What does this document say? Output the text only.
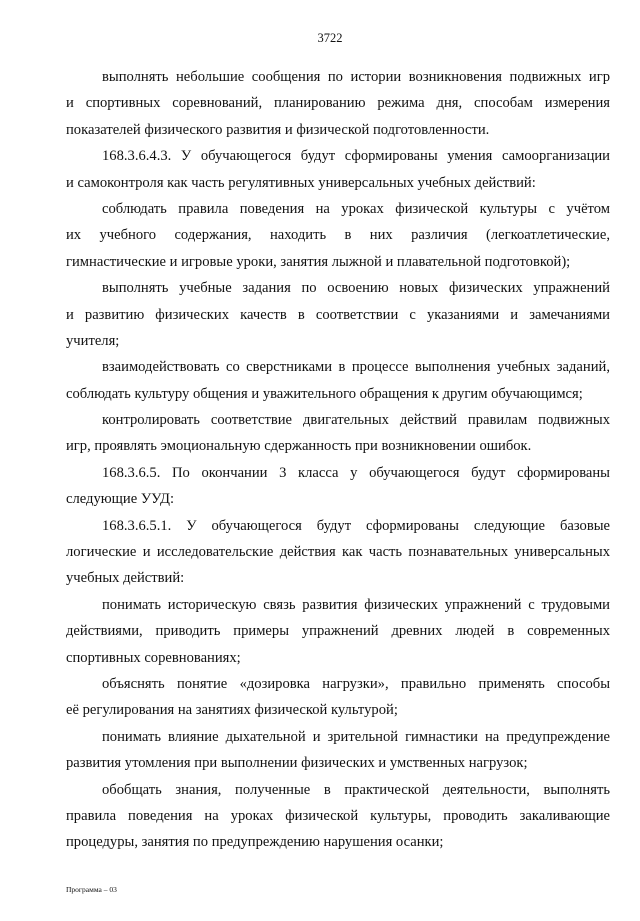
3722
выполнять небольшие сообщения по истории возникновения подвижных игр
и спортивных соревнований, планированию режима дня, способам измерения
показателей физического развития и физической подготовленности.
168.3.6.4.3. У обучающегося будут сформированы умения самоорганизации
и самоконтроля как часть регулятивных универсальных учебных действий:
соблюдать правила поведения на уроках физической культуры с учётом
их учебного содержания, находить в них различия (легкоатлетические,
гимнастические и игровые уроки, занятия лыжной и плавательной подготовкой);
выполнять учебные задания по освоению новых физических упражнений
и развитию физических качеств в соответствии с указаниями и замечаниями
учителя;
взаимодействовать со сверстниками в процессе выполнения учебных заданий,
соблюдать культуру общения и уважительного обращения к другим обучающимся;
контролировать соответствие двигательных действий правилам подвижных
игр, проявлять эмоциональную сдержанность при возникновении ошибок.
168.3.6.5. По окончании 3 класса у обучающегося будут сформированы
следующие УУД:
168.3.6.5.1. У обучающегося будут сформированы следующие базовые
логические и исследовательские действия как часть познавательных универсальных
учебных действий:
понимать историческую связь развития физических упражнений с трудовыми
действиями, приводить примеры упражнений древних людей в современных
спортивных соревнованиях;
объяснять понятие «дозировка нагрузки», правильно применять способы
её регулирования на занятиях физической культурой;
понимать влияние дыхательной и зрительной гимнастики на предупреждение
развития утомления при выполнении физических и умственных нагрузок;
обобщать знания, полученные в практической деятельности, выполнять
правила поведения на уроках физической культуры, проводить закаливающие
процедуры, занятия по предупреждению нарушения осанки;
Программа – 03
